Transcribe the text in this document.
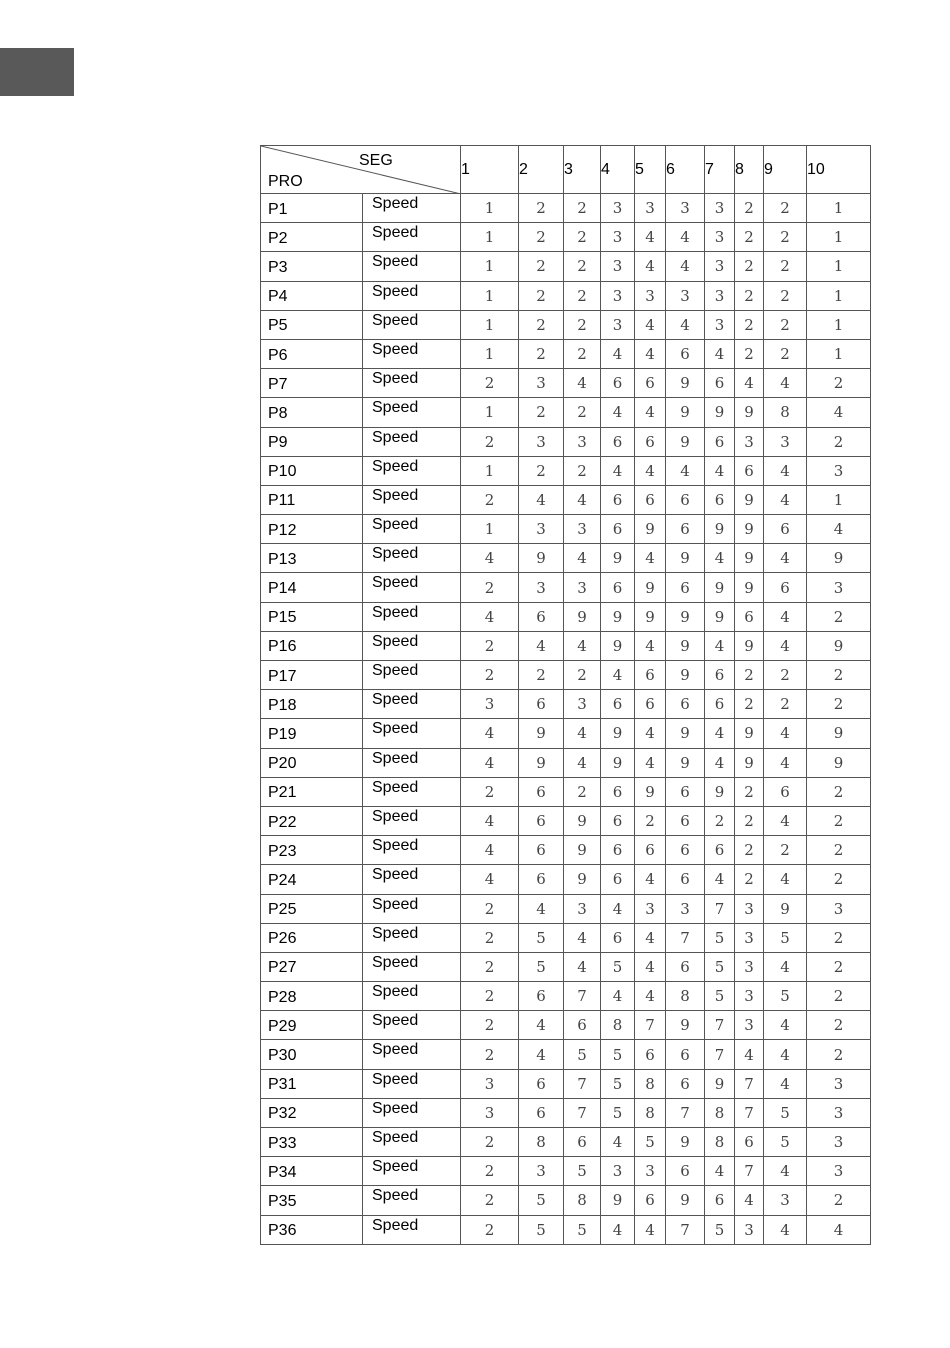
SEG
PRO		1	2	3	4	5	6	7	8	9	10
P1	Speed	1	2	2	3	3	3	3	2	2	1
P2	Speed	1	2	2	3	4	4	3	2	2	1
P3	Speed	1	2	2	3	4	4	3	2	2	1
P4	Speed	1	2	2	3	3	3	3	2	2	1
P5	Speed	1	2	2	3	4	4	3	2	2	1
P6	Speed	1	2	2	4	4	6	4	2	2	1
P7	Speed	2	3	4	6	6	9	6	4	4	2
P8	Speed	1	2	2	4	4	9	9	9	8	4
P9	Speed	2	3	3	6	6	9	6	3	3	2
P10	Speed	1	2	2	4	4	4	4	6	4	3
P11	Speed	2	4	4	6	6	6	6	9	4	1
P12	Speed	1	3	3	6	9	6	9	9	6	4
P13	Speed	4	9	4	9	4	9	4	9	4	9
P14	Speed	2	3	3	6	9	6	9	9	6	3
P15	Speed	4	6	9	9	9	9	9	6	4	2
P16	Speed	2	4	4	9	4	9	4	9	4	9
P17	Speed	2	2	2	4	6	9	6	2	2	2
P18	Speed	3	6	3	6	6	6	6	2	2	2
P19	Speed	4	9	4	9	4	9	4	9	4	9
P20	Speed	4	9	4	9	4	9	4	9	4	9
P21	Speed	2	6	2	6	9	6	9	2	6	2
P22	Speed	4	6	9	6	2	6	2	2	4	2
P23	Speed	4	6	9	6	6	6	6	2	2	2
P24	Speed	4	6	9	6	4	6	4	2	4	2
P25	Speed	2	4	3	4	3	3	7	3	9	3
P26	Speed	2	5	4	6	4	7	5	3	5	2
P27	Speed	2	5	4	5	4	6	5	3	4	2
P28	Speed	2	6	7	4	4	8	5	3	5	2
P29	Speed	2	4	6	8	7	9	7	3	4	2
P30	Speed	2	4	5	5	6	6	7	4	4	2
P31	Speed	3	6	7	5	8	6	9	7	4	3
P32	Speed	3	6	7	5	8	7	8	7	5	3
P33	Speed	2	8	6	4	5	9	8	6	5	3
P34	Speed	2	3	5	3	3	6	4	7	4	3
P35	Speed	2	5	8	9	6	9	6	4	3	2
P36	Speed	2	5	5	4	4	7	5	3	4	4
